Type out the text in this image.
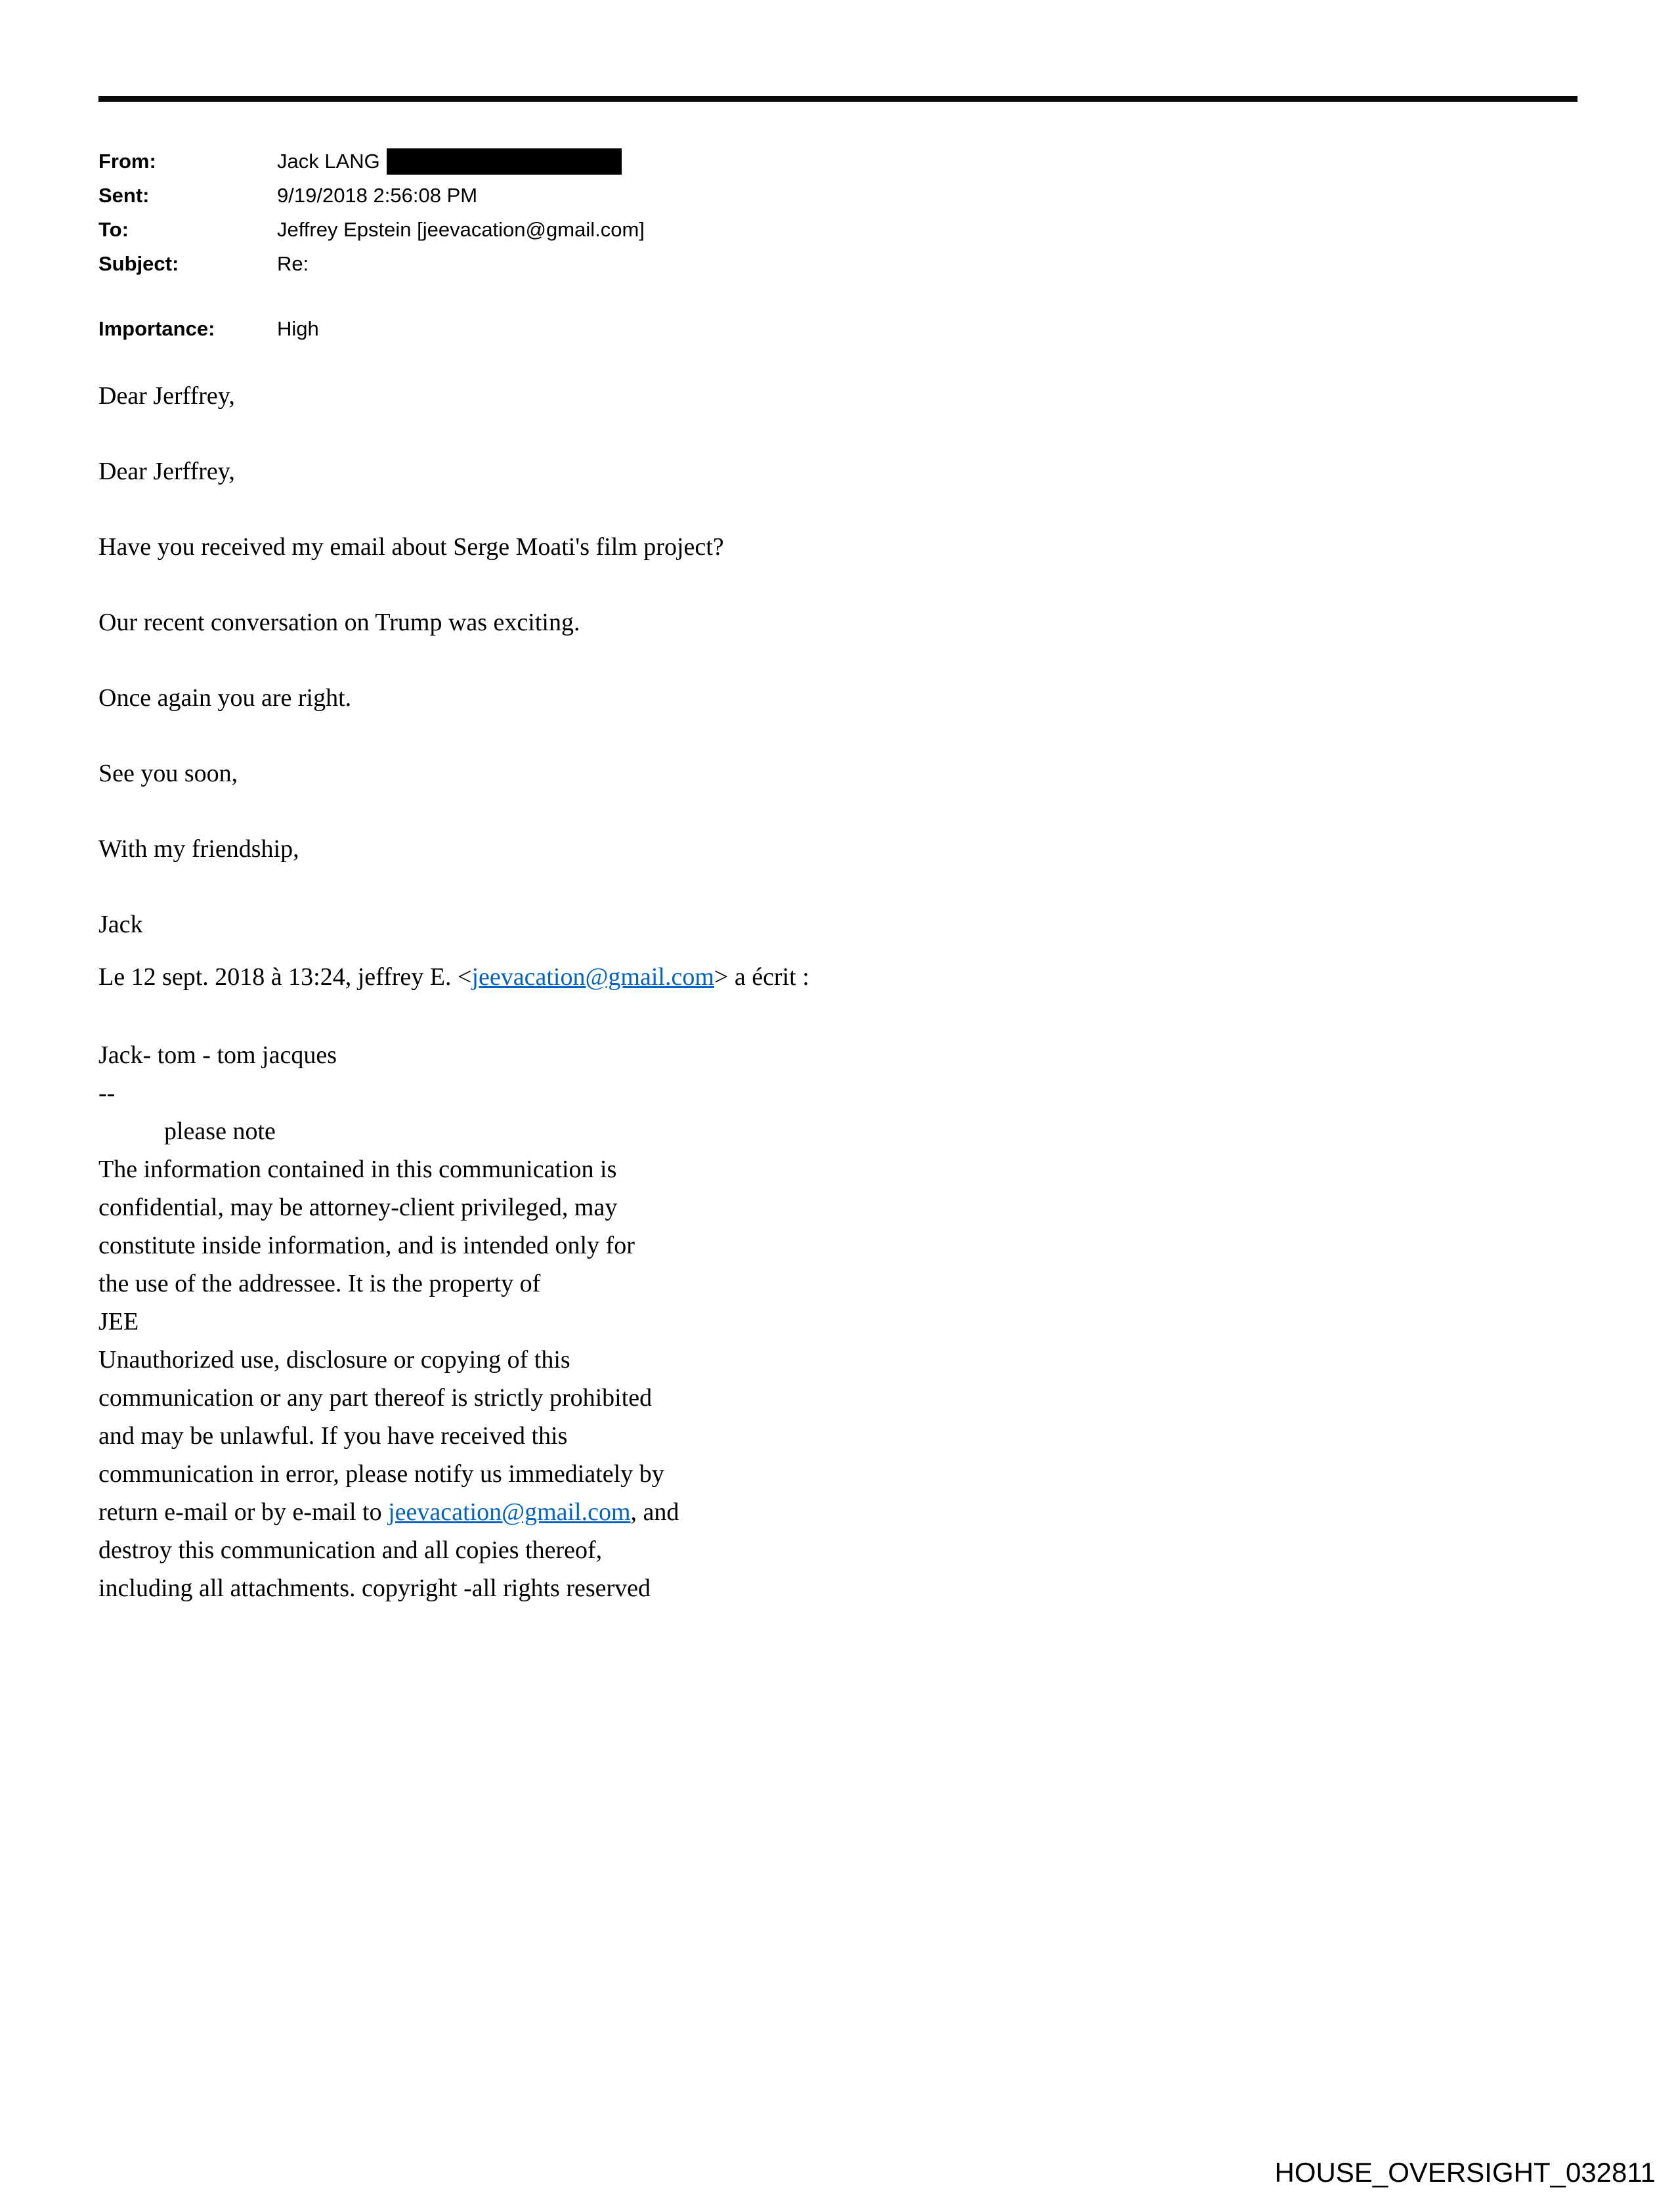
From:	Jack LANG
Sent:	9/19/2018 2:56:08 PM
To:	Jeffrey Epstein [jeevacation@gmail.com]
Subject:	Re:
Importance:	High

Dear Jerffrey,

Dear Jerffrey,

Have you received my email about Serge Moati's film project?

Our recent conversation on Trump was exciting.

Once again you are right.

See you soon,

With my friendship,

Jack

Le 12 sept. 2018 à 13:24, jeffrey E. <jeevacation@gmail.com> a écrit :

Jack- tom - tom jacques
--
please note
The information contained in this communication is
confidential, may be attorney-client privileged, may
constitute inside information, and is intended only for
the use of the addressee. It is the property of
JEE
Unauthorized use, disclosure or copying of this
communication or any part thereof is strictly prohibited
and may be unlawful. If you have received this
communication in error, please notify us immediately by
return e-mail or by e-mail to jeevacation@gmail.com, and
destroy this communication and all copies thereof,
including all attachments. copyright -all rights reserved
HOUSE_OVERSIGHT_032811
